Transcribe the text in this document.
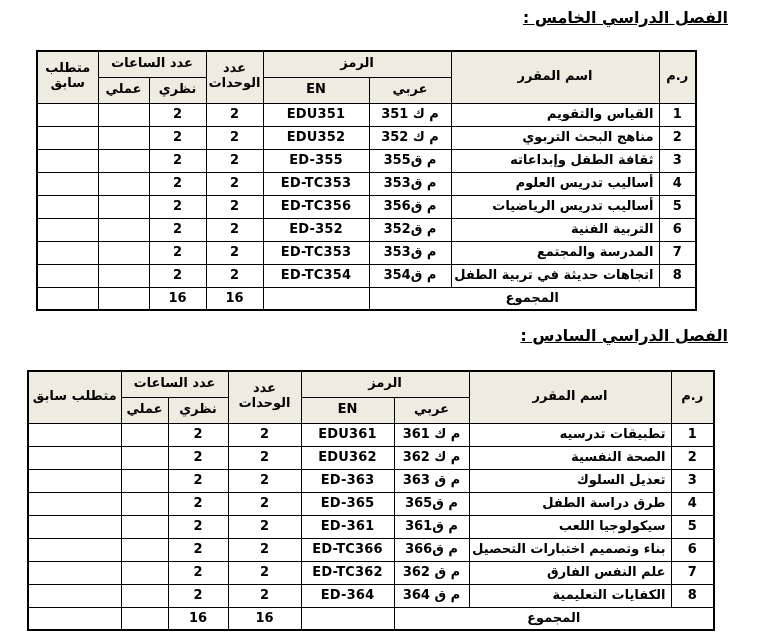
الفصل الدراسي الخامس :
ر.م	اسم المقرر	الرمز		عدد الوحدات	عدد الساعات		متطلب سابق
		عربي	EN		نظري	عملي	
1	القياس والتقويم	م ك 351	EDU351	2	2		
2	مناهج البحث التربوي	م ك 352	EDU352	2	2		
3	ثقافة الطفل وإبداعاته	م ق355	ED-355	2	2		
4	أساليب تدريس العلوم	م ق353	ED-TC353	2	2		
5	أساليب تدريس الرياضيات	م ق356	ED-TC356	2	2		
6	التربية الفنية	م ق352	ED-352	2	2		
7	المدرسة والمجتمع	م ق353	ED-TC353	2	2		
8	اتجاهات حديثة في تربية الطفل	م ق354	ED-TC354	2	2		
المجموع				16	16		
الفصل الدراسي السادس :
ر.م	اسم المقرر	الرمز		عدد الوحدات	عدد الساعات		متطلب سابق
		عربي	EN		نظري	عملي	
1	تطبيقات تدرسيه	م ك 361	EDU361	2	2		
2	الصحة النفسية	م ك 362	EDU362	2	2		
3	تعديل السلوك	م ق 363	ED-363	2	2		
4	طرق دراسة الطفل	م ق365	ED-365	2	2		
5	سيكولوجيا اللعب	م ق361	ED-361	2	2		
6	بناء وتصميم اختبارات التحصيل	م ق366	ED-TC366	2	2		
7	علم النفس الفارق	م ق 362	ED-TC362	2	2		
8	الكفايات التعليمية	م ق 364	ED-364	2	2		
المجموع				16	16		
